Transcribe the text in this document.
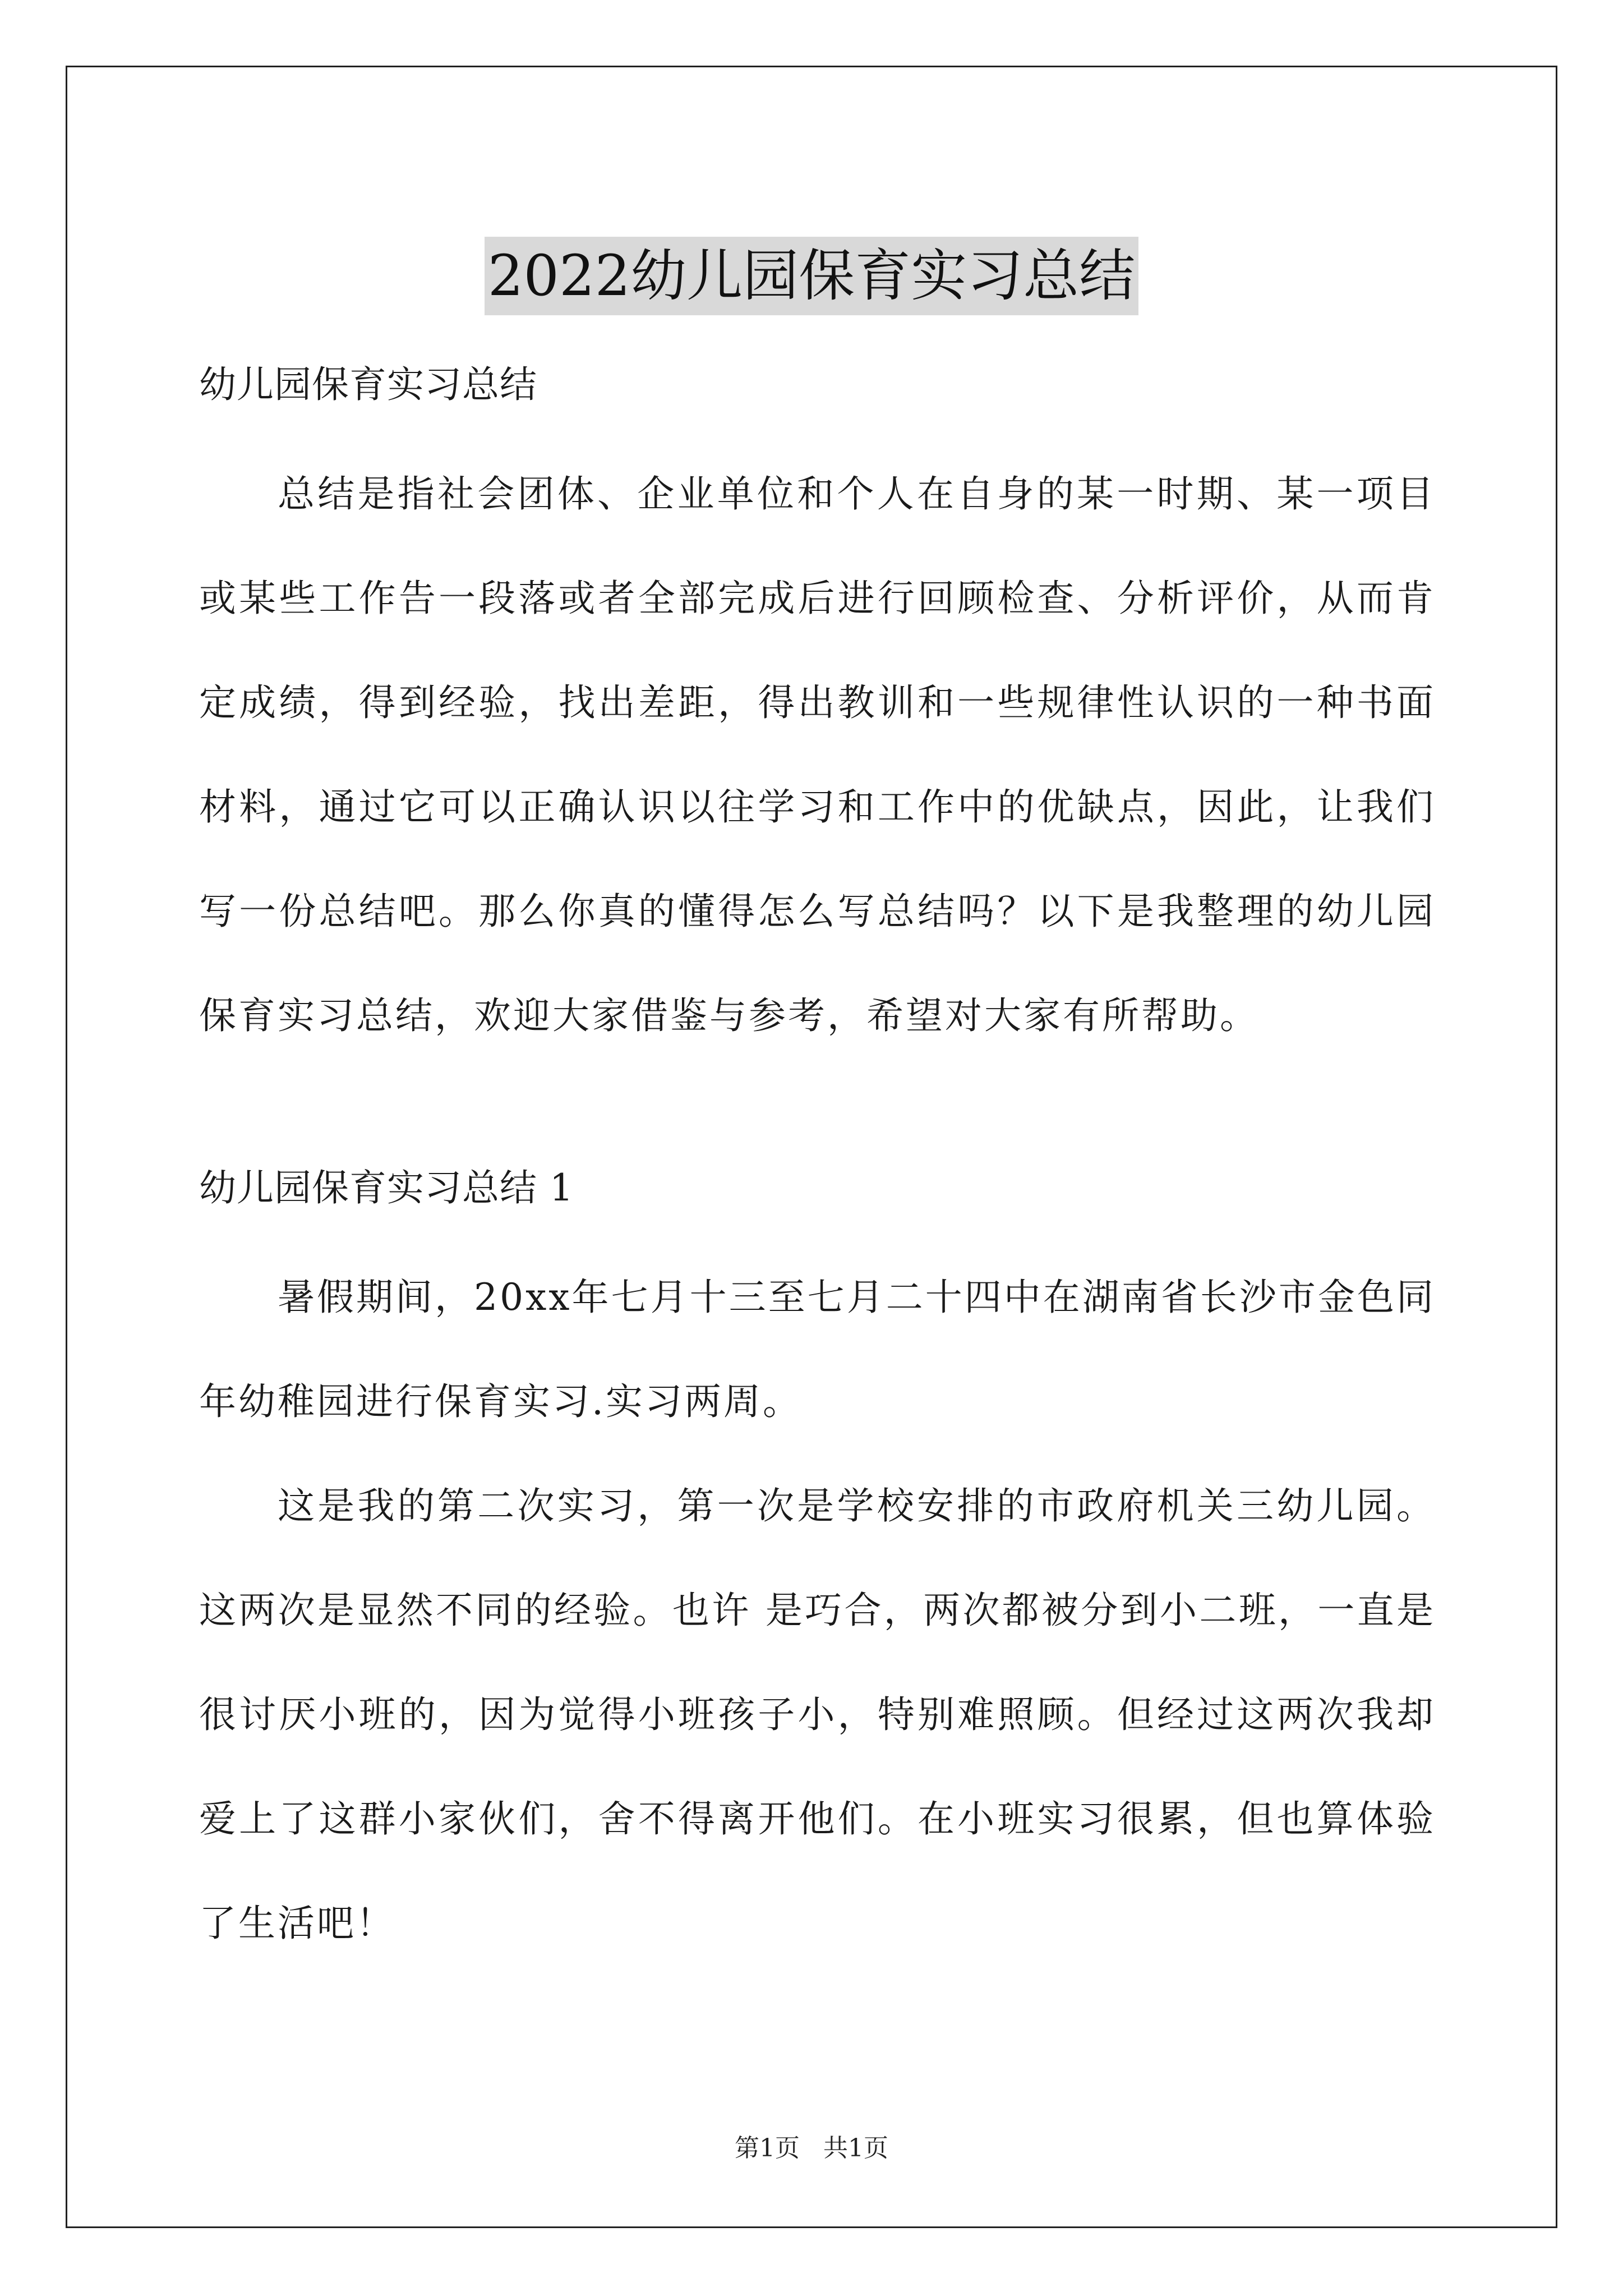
2022幼儿园保育实习总结

幼儿园保育实习总结

总结是指社会团体、企业单位和个人在自身的某一时期、某一项目或某些工作告一段落或者全部完成后进行回顾检查、分析评价，从而肯定成绩，得到经验，找出差距，得出教训和一些规律性认识的一种书面材料，通过它可以正确认识以往学习和工作中的优缺点，因此，让我们写一份总结吧。那么你真的懂得怎么写总结吗？以下是我整理的幼儿园保育实习总结，欢迎大家借鉴与参考，希望对大家有所帮助。

幼儿园保育实习总结 1

暑假期间，20xx年七月十三至七月二十四中在湖南省长沙市金色同年幼稚园进行保育实习.实习两周。

这是我的第二次实习，第一次是学校安排的市政府机关三幼儿园。这两次是显然不同的经验。也许 是巧合，两次都被分到小二班，一直是很讨厌小班的，因为觉得小班孩子小，特别难照顾。但经过这两次我却爱上了这群小家伙们，舍不得离开他们。在小班实习很累，但也算体验了生活吧！

第1页   共1页
